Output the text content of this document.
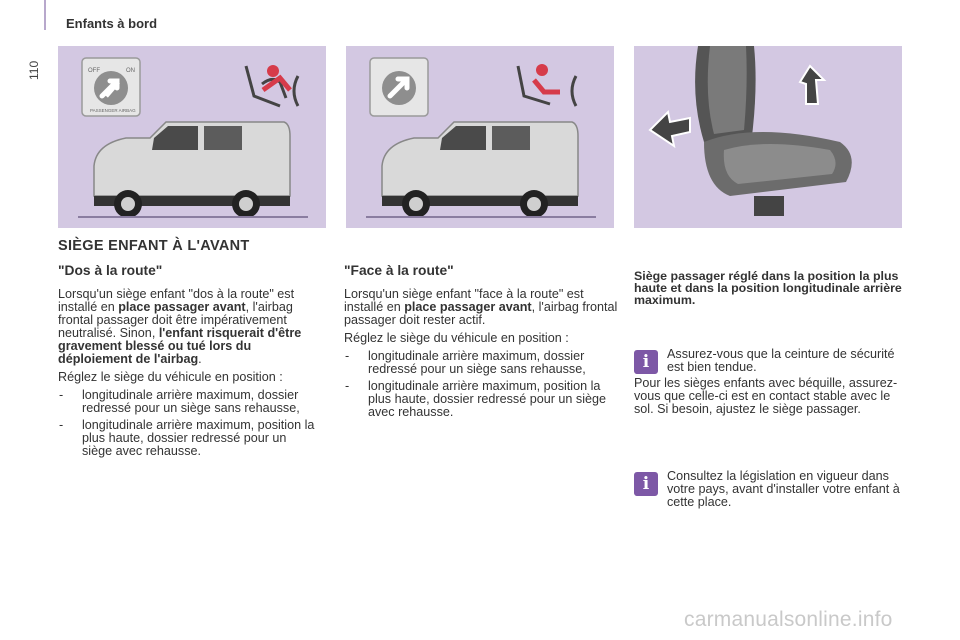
Enfants à bord
110	OFF	ON
PASSENGER AIRBAG
SIÈGE ENFANT À L'AVANT
"Dos à la route"

Lorsqu'un siège enfant "dos à la route" est installé en place passager avant, l'airbag frontal passager doit être impérativement neutralisé. Sinon, l'enfant risquerait d'être gravement blessé ou tué lors du déploiement de l'airbag.

Réglez le siège du véhicule en position :

- longitudinale arrière maximum, dossier redressé pour un siège sans rehausse,
- longitudinale arrière maximum, position la plus haute, dossier redressé pour un siège avec rehausse.
"Face à la route"

Lorsqu'un siège enfant "face à la route" est installé en place passager avant, l'airbag frontal passager doit rester actif.

Réglez le siège du véhicule en position :

- longitudinale arrière maximum, dossier redressé pour un siège sans rehausse,
- longitudinale arrière maximum, position la plus haute, dossier redressé pour un siège avec rehausse.

Siège passager réglé dans la position la plus haute et dans la position longitudinale arrière maximum.

i	Assurez-vous que la ceinture de sécurité est bien tendue.

Pour les sièges enfants avec béquille, assurez-vous que celle-ci est en contact stable avec le sol. Si besoin, ajustez le siège passager.

i	Consultez la législation en vigueur dans votre pays, avant d'installer votre enfant à cette place.

carmanualsonline.info
